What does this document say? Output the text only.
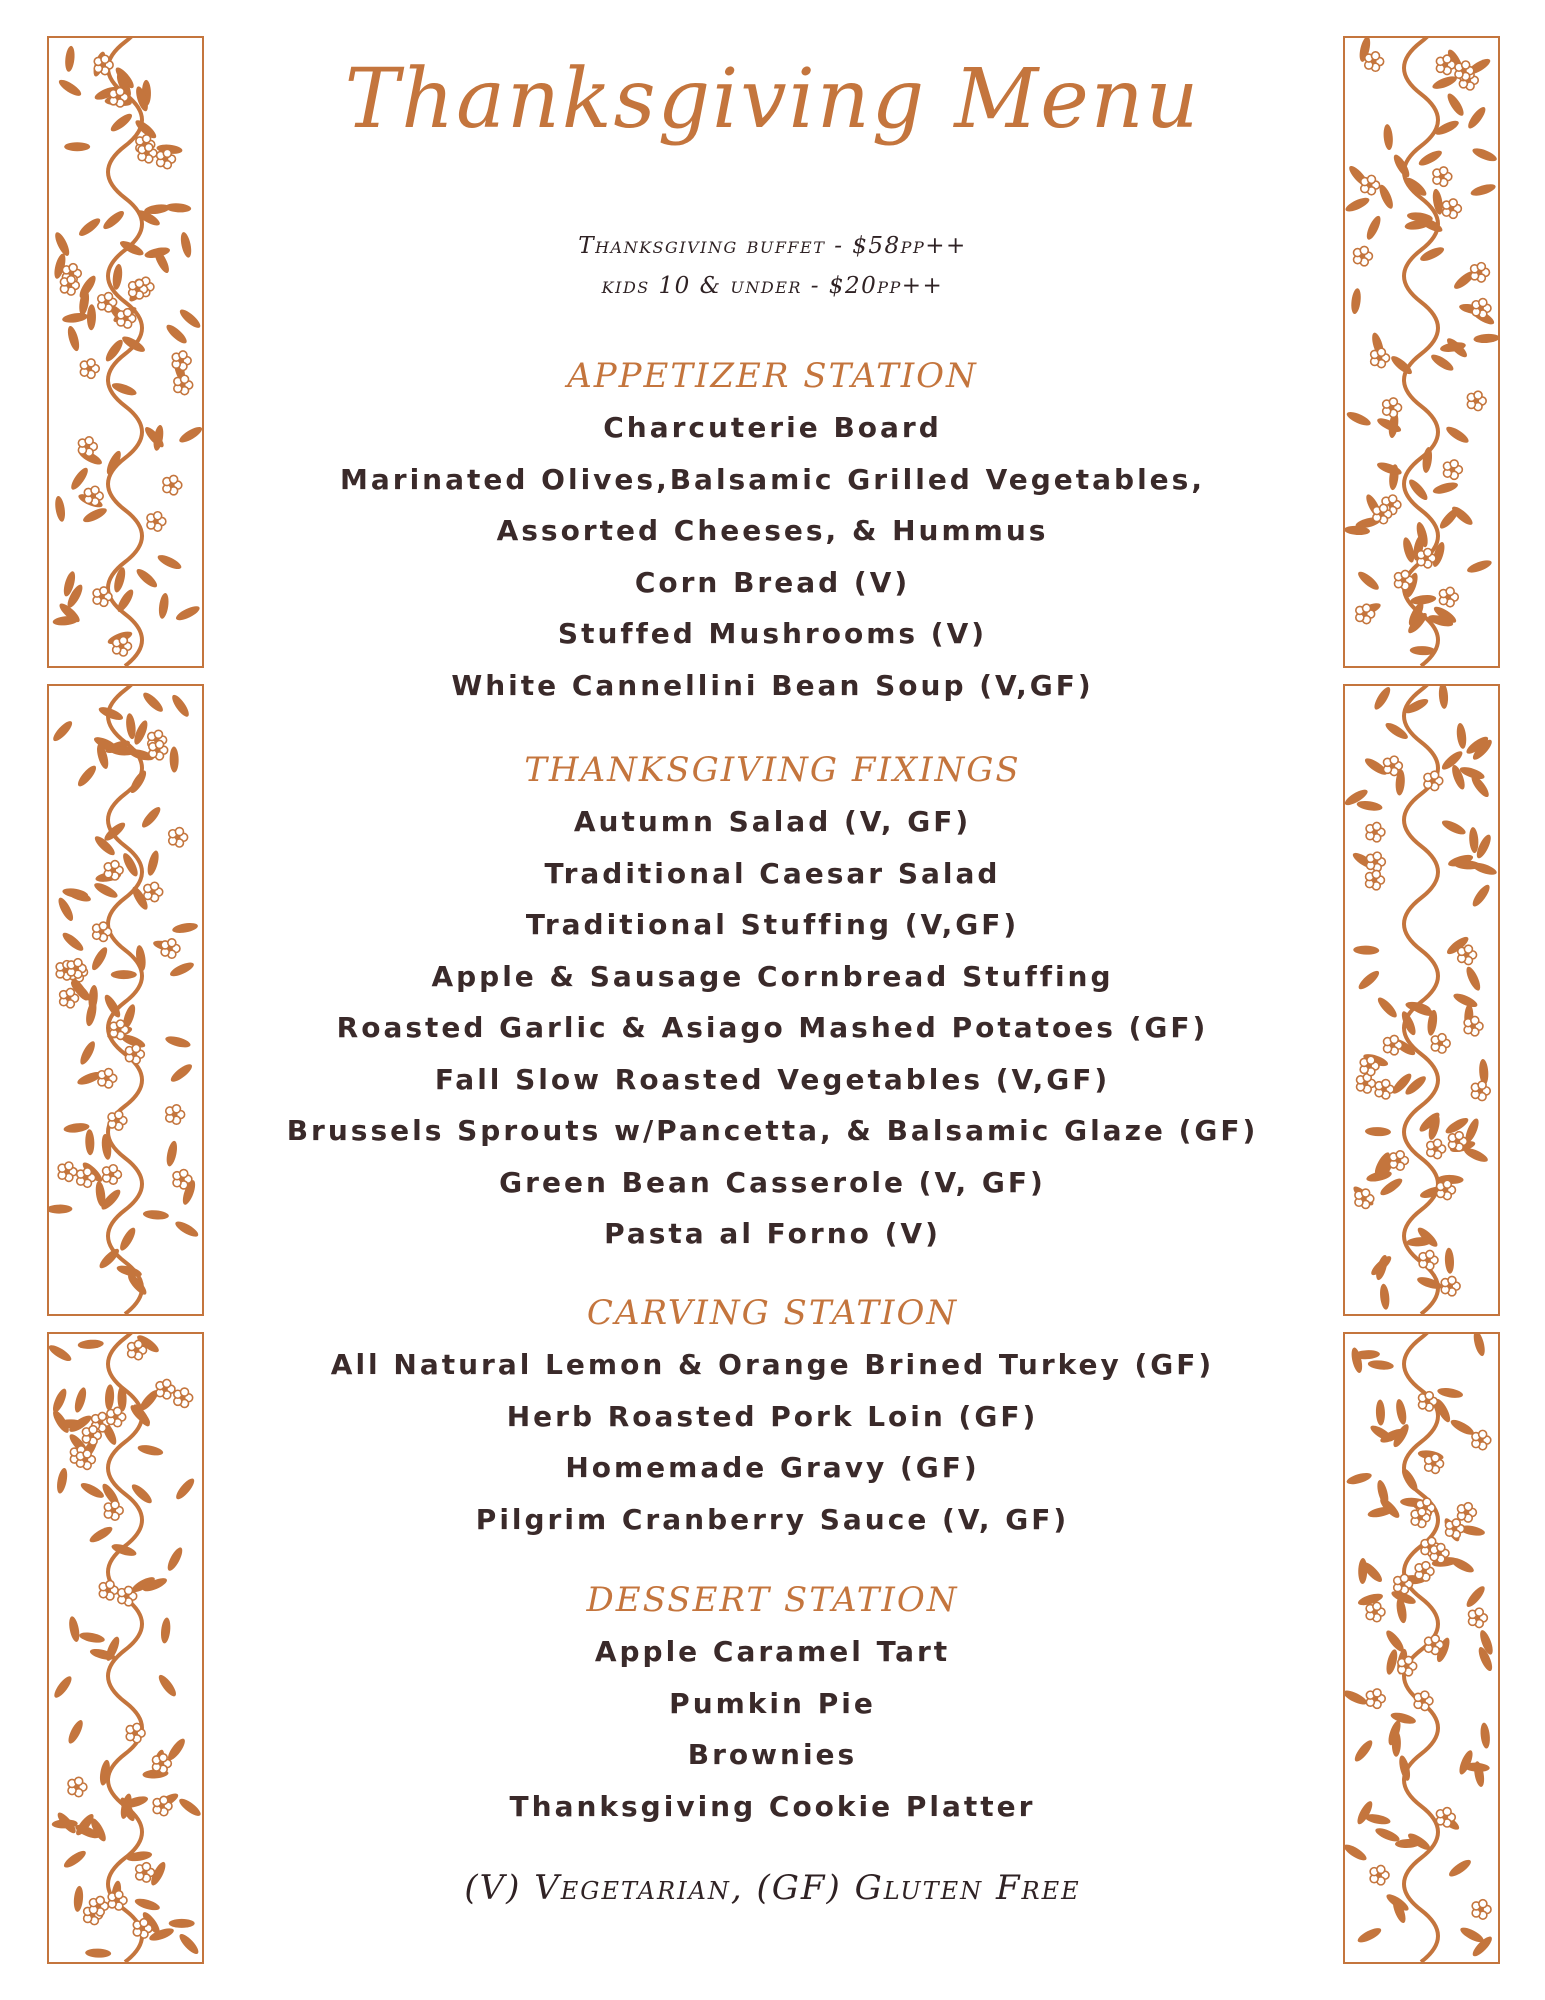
Thanksgiving Menu
Thanksgiving buffet - $58pp++
kids 10 & under - $20pp++
APPETIZER STATION
Charcuterie Board
Marinated Olives,Balsamic Grilled Vegetables,
Assorted Cheeses, & Hummus
Corn Bread (V)
Stuffed Mushrooms (V)
White Cannellini Bean Soup (V,GF)
THANKSGIVING FIXINGS
Autumn Salad (V, GF)
Traditional Caesar Salad
Traditional Stuffing (V,GF)
Apple & Sausage Cornbread Stuffing
Roasted Garlic & Asiago Mashed Potatoes (GF)
Fall Slow Roasted Vegetables (V,GF)
Brussels Sprouts w/Pancetta, & Balsamic Glaze (GF)
Green Bean Casserole (V, GF)
Pasta al Forno (V)
CARVING STATION
All Natural Lemon & Orange Brined Turkey (GF)
Herb Roasted Pork Loin (GF)
Homemade Gravy (GF)
Pilgrim Cranberry Sauce (V, GF)
DESSERT STATION
Apple Caramel Tart
Pumkin Pie
Brownies
Thanksgiving Cookie Platter
(V) Vegetarian, (GF) Gluten Free
